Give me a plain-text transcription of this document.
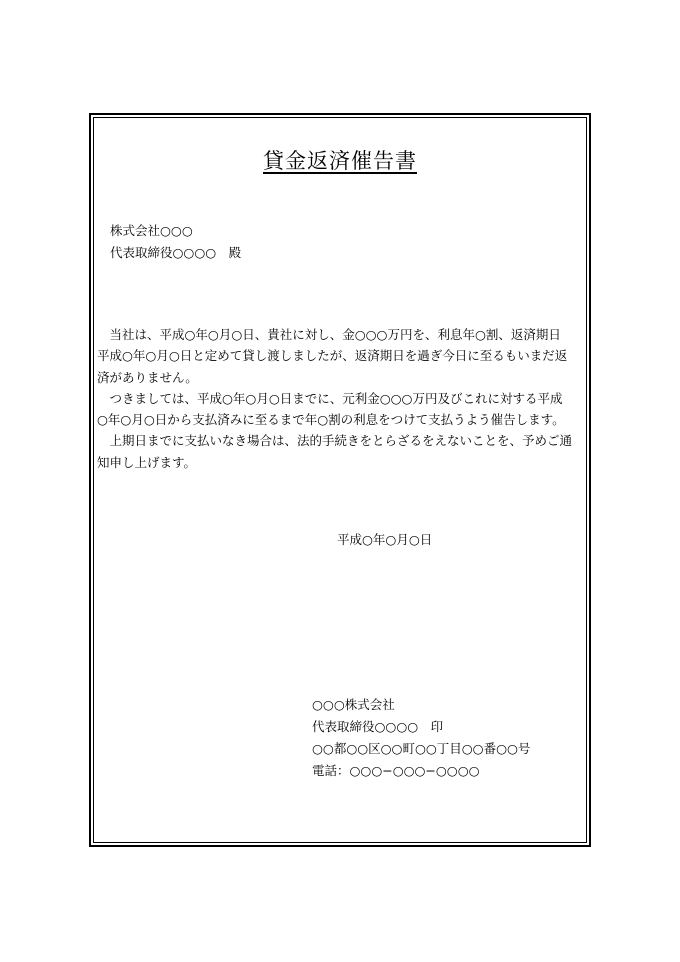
貸金返済催告書
株式会社○○○
代表取締役○○○○　殿
　当社は、平成○年○月○日、貴社に対し、金○○○万円を、利息年○割、返済期日
平成○年○月○日と定めて貸し渡しましたが、返済期日を過ぎ今日に至るもいまだ返
済がありません。
　つきましては、平成○年○月○日までに、元利金○○○万円及びこれに対する平成
○年○月○日から支払済みに至るまで年○割の利息をつけて支払うよう催告します。
　上期日までに支払いなき場合は、法的手続きをとらざるをえないことを、予めご通
知申し上げます。
平成○年○月○日
○○○株式会社
代表取締役○○○○　印
○○都○○区○○町○○丁目○○番○○号
電話：○○○−○○○−○○○○
